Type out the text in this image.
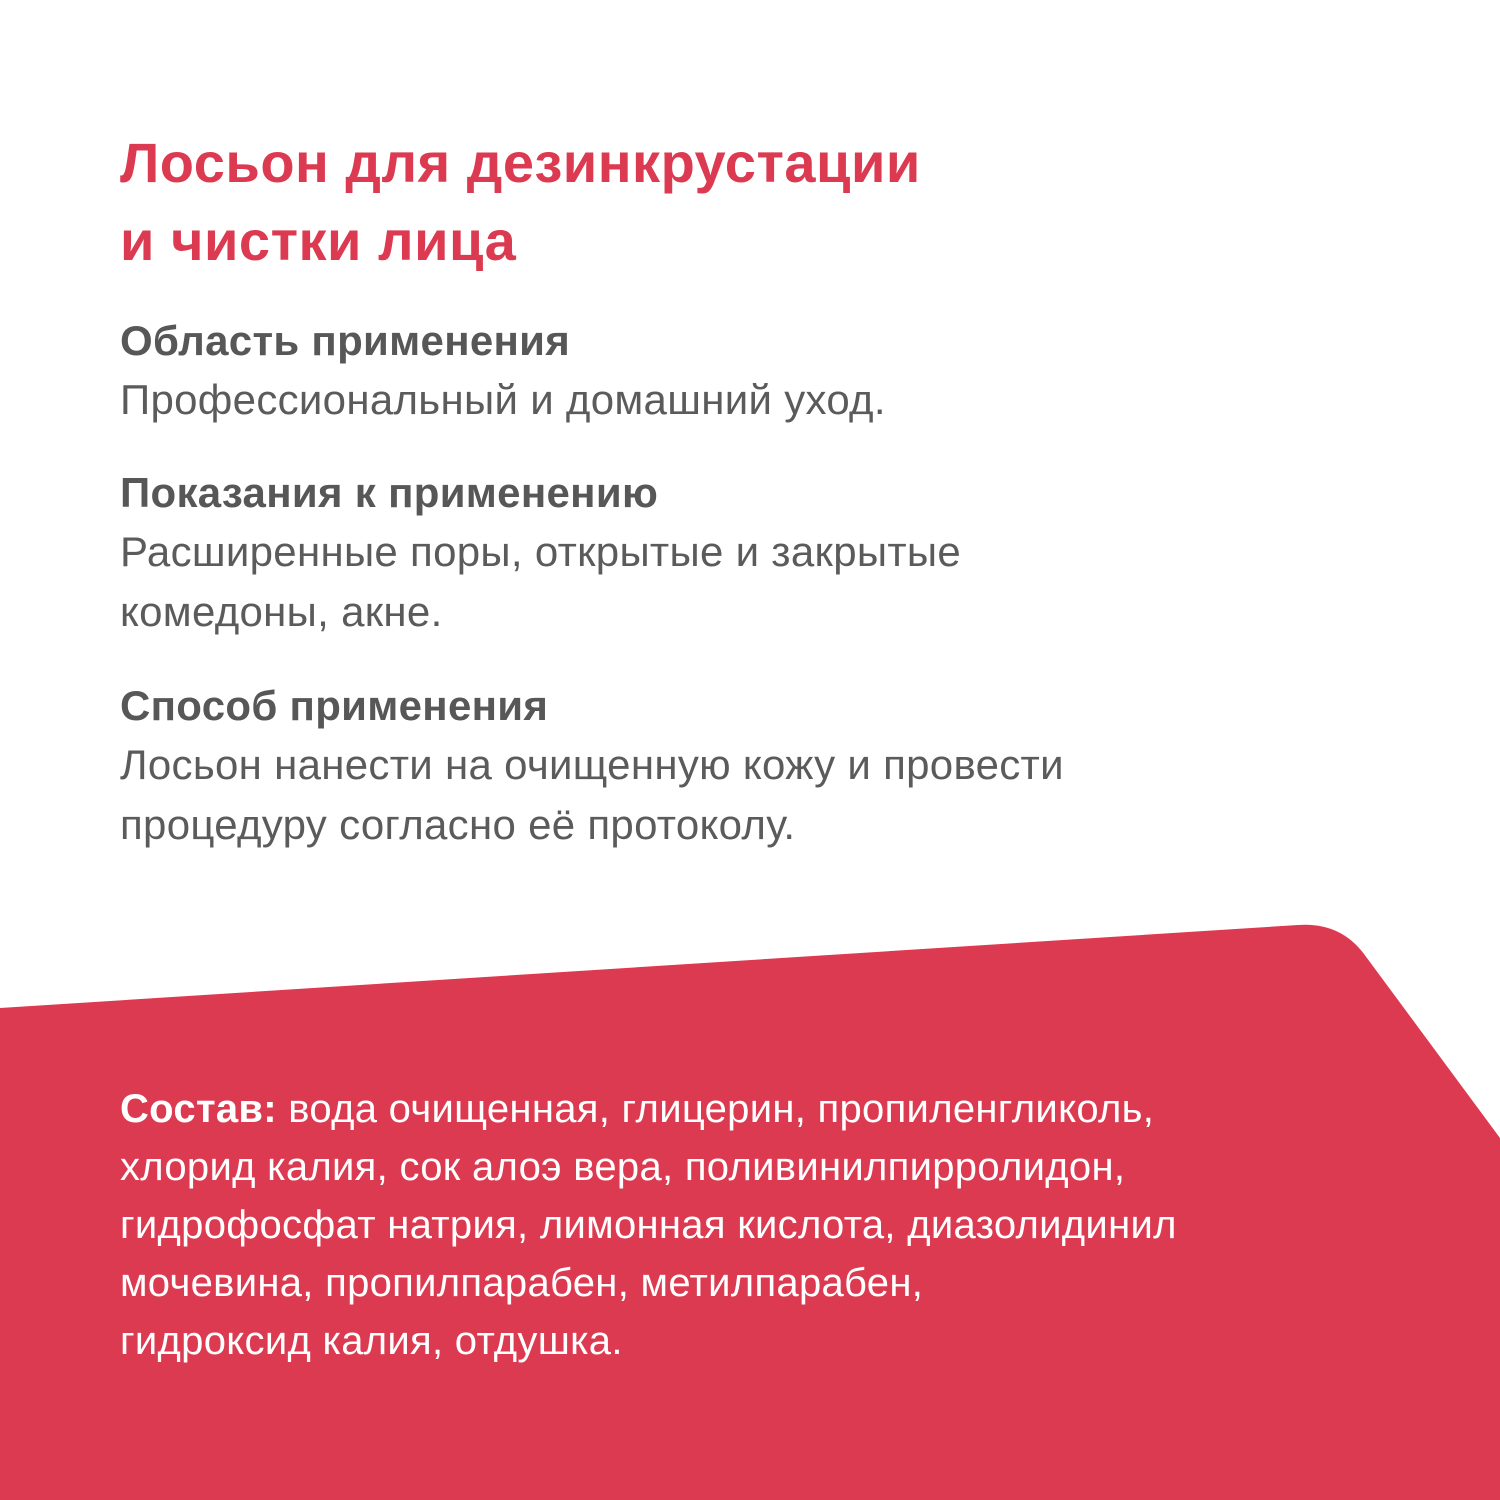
Лосьон для дезинкрустации
и чистки лица
Область применения
Профессиональный и домашний уход.
Показания к применению
Расширенные поры, открытые и закрытые
комедоны, акне.
Способ применения
Лосьон нанести на очищенную кожу и провести
процедуру согласно её протоколу.
Состав: вода очищенная, глицерин, пропиленгликоль,
хлорид калия, сок алоэ вера, поливинилпирролидон,
гидрофосфат натрия, лимонная кислота, диазолидинил
мочевина, пропилпарабен, метилпарабен,
гидроксид калия, отдушка.
